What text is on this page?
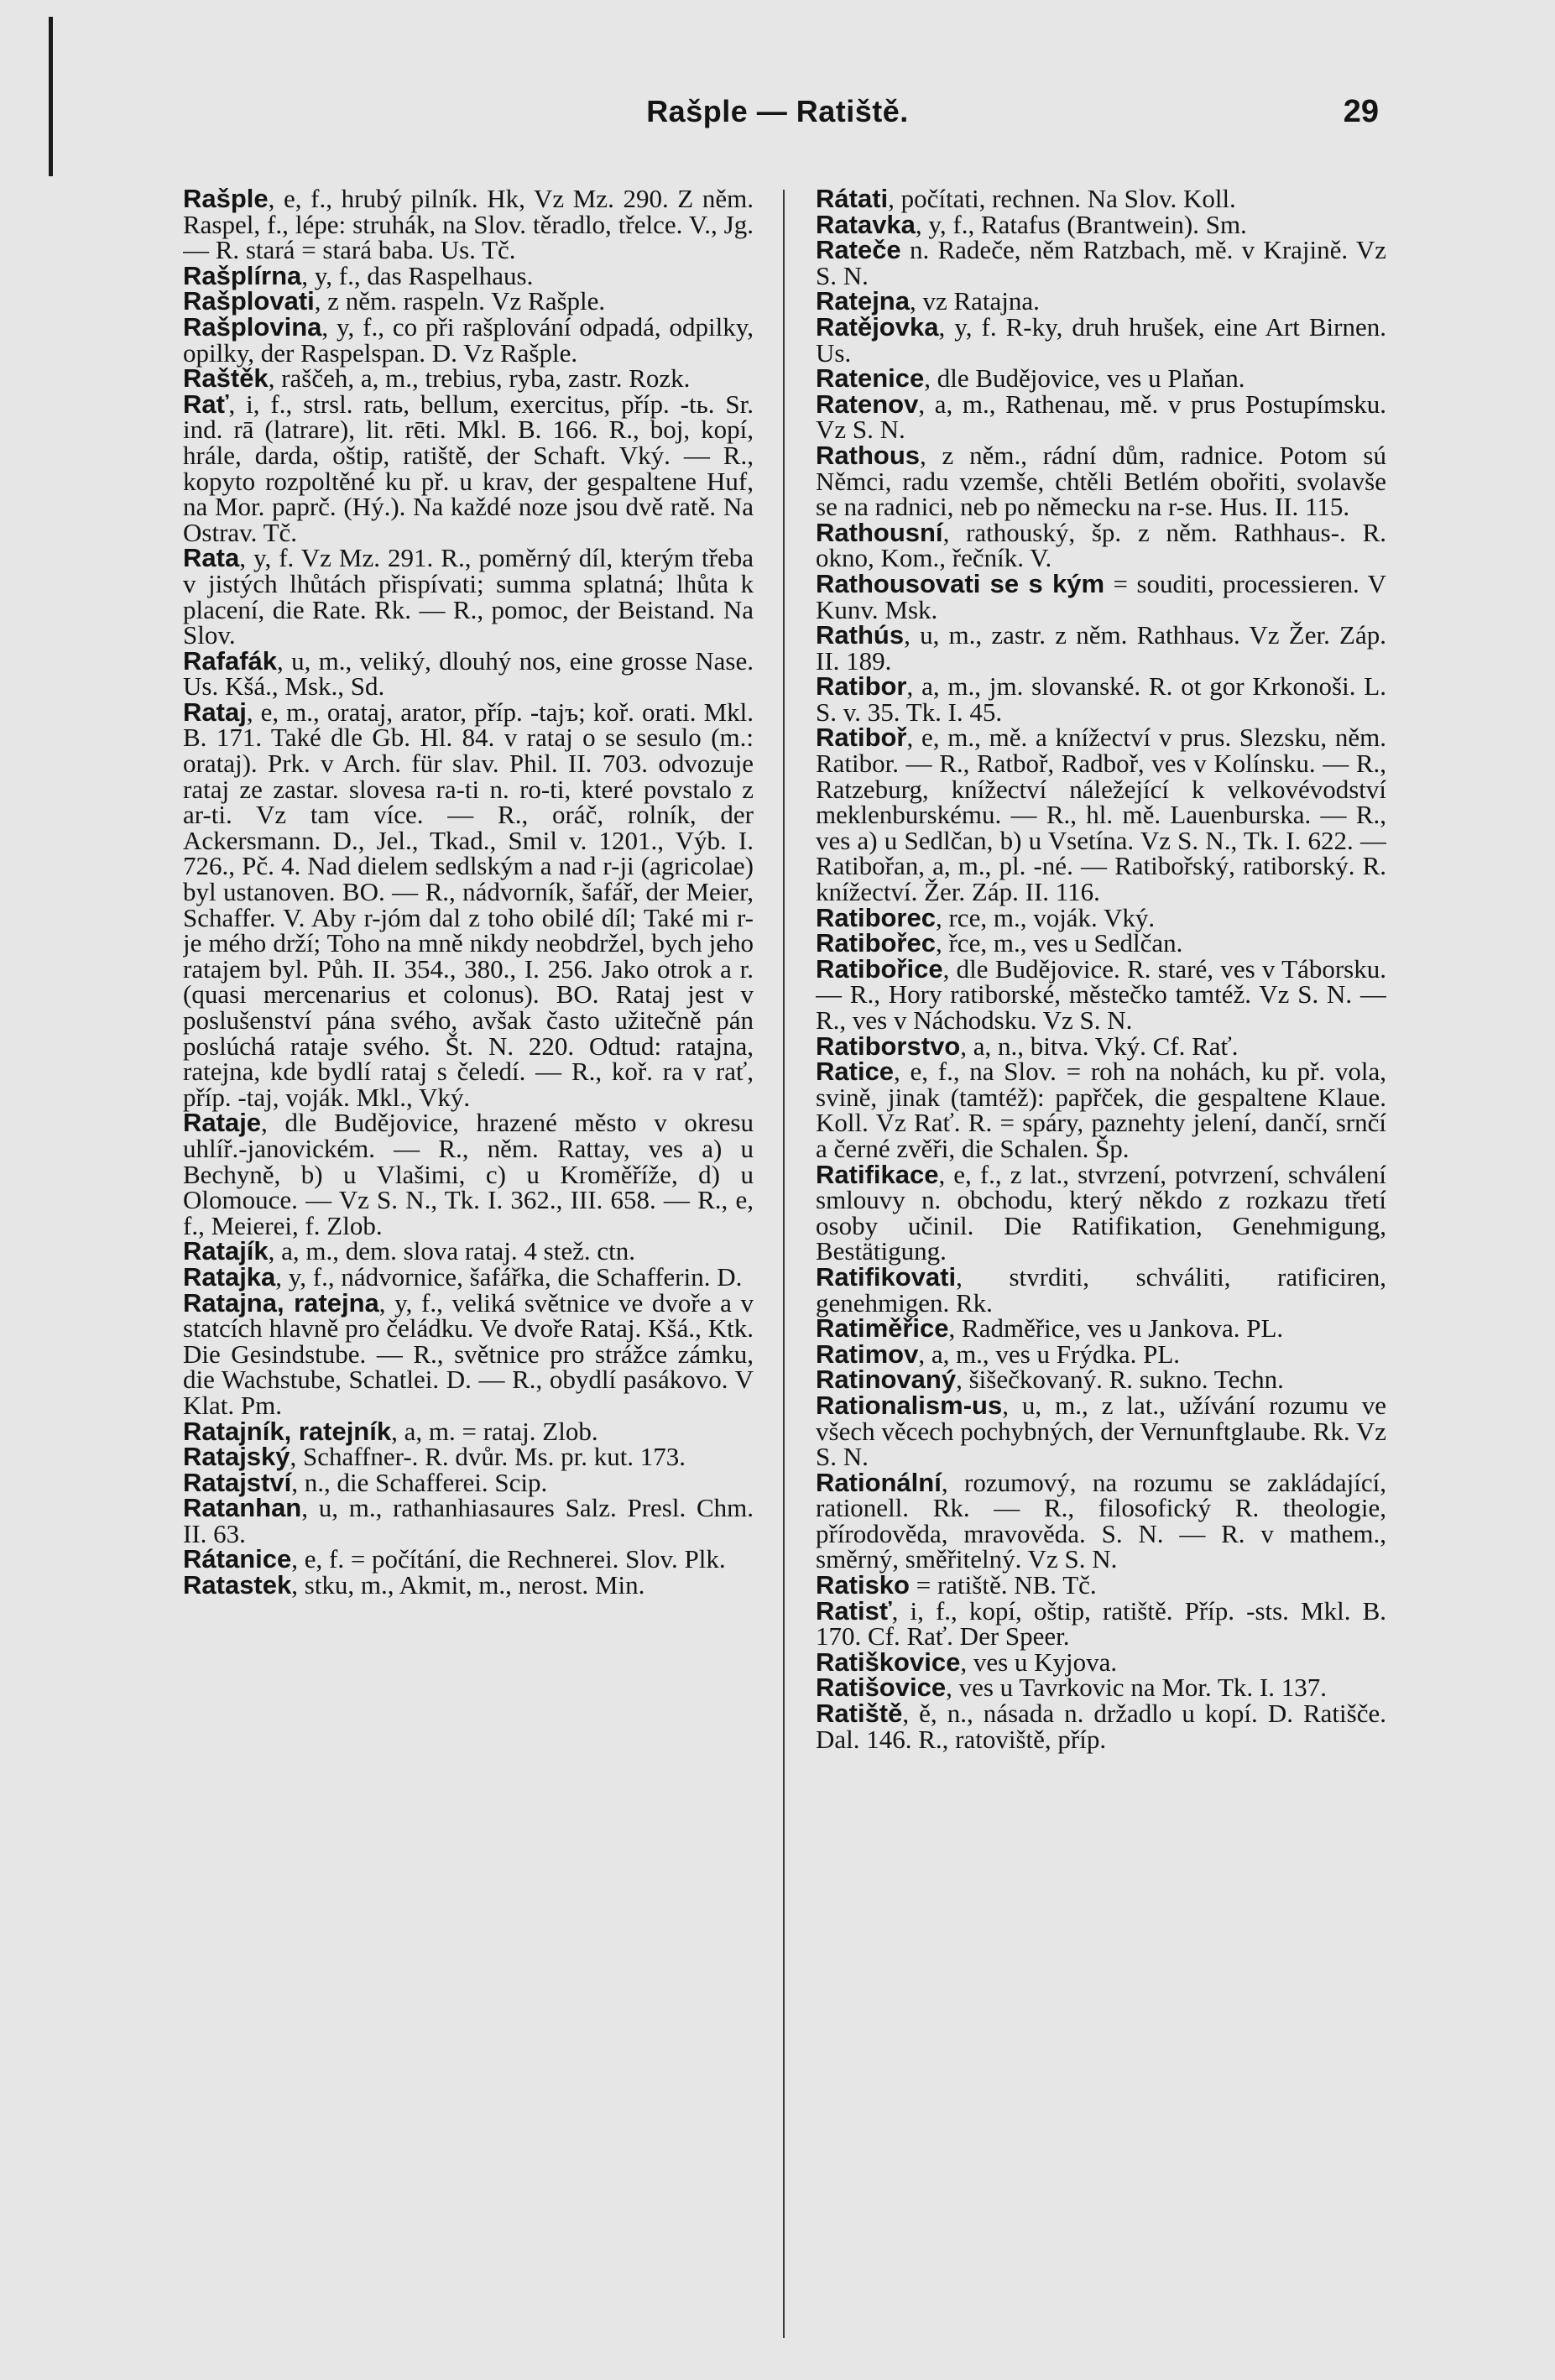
Rašple — Ratiště.	29

Rašple, e, f., hrubý pilník. Hk, Vz Mz. 290. Z něm. Raspel, f., lépe: struhák, na Slov. těradlo, třelce. V., Jg. — R. stará = stará baba. Us. Tč.

Rašplírna, y, f., das Raspelhaus.

Rašplovati, z něm. raspeln. Vz Rašple.

Rašplovina, y, f., co při rašplování odpadá, odpilky, opilky, der Raspelspan. D. Vz Rašple.

Raštěk, raščeh, a, m., trebius, ryba, zastr. Rozk.

Rať, i, f., strsl. ratь, bellum, exercitus, příp. -tь. Sr. ind. rā (latrare), lit. rēti. Mkl. B. 166. R., boj, kopí, hrále, darda, oštip, ratiště, der Schaft. Vký. — R., kopyto rozpoltěné ku př. u krav, der gespaltene Huf, na Mor. paprč. (Hý.). Na každé noze jsou dvě ratě. Na Ostrav. Tč.

Rata, y, f. Vz Mz. 291. R., poměrný díl, kterým třeba v jistých lhůtách přispívati; summa splatná; lhůta k placení, die Rate. Rk. — R., pomoc, der Beistand. Na Slov.

Rafafák, u, m., veliký, dlouhý nos, eine grosse Nase. Us. Kšá., Msk., Sd.

Rataj, e, m., oratај, arator, příp. -tajъ; koř. orati. Mkl. B. 171. Také dle Gb. Hl. 84. v rataj o se sesulo (m.: oratај). Prk. v Arch. für slav. Phil. II. 703. odvozuje rataj ze zastar. slovesa ra-ti n. ro-ti, které povstalo z ar-ti. Vz tam více. — R., oráč, rolník, der Ackersmann. D., Jel., Tkad., Smil v. 1201., Výb. I. 726., Pč. 4. Nad dielem sedlským a nad r-ji (agricolae) byl ustanoven. BO. — R., nádvorník, šafář, der Meier, Schaffer. V. Aby r-jóm dal z toho obilé díl; Také mi r-je mého drží; Toho na mně nikdy neobdržel, bych jeho ratajem byl. Půh. II. 354., 380., I. 256. Jako otrok a r. (quasi mercenarius et colonus). BO. Rataj jest v poslušenství pána svého, avšak často užitečně pán poslúchá rataje svého. Št. N. 220. Odtud: ratajna, ratejna, kde bydlí rataj s čeledí. — R., koř. ra v rať, příp. -taj, voják. Mkl., Vký.

Rataje, dle Budějovice, hrazené město v okresu uhlíř.-janovickém. — R., něm. Rattay, ves a) u Bechyně, b) u Vlašimi, c) u Kroměříže, d) u Olomouce. — Vz S. N., Tk. I. 362., III. 658. — R., e, f., Meierei, f. Zlob.

Ratajík, a, m., dem. slova rataj. 4 stež. ctn.

Ratajka, y, f., nádvornice, šafářka, die Schafferin. D.

Ratajna, ratejna, y, f., veliká světnice ve dvoře a v statcích hlavně pro čeládku. Ve dvoře Rataj. Kšá., Ktk. Die Gesindstube. — R., světnice pro strážce zámku, die Wachstube, Schatlei. D. — R., obydlí pasákovo. V Klat. Pm.

Ratajník, ratejník, a, m. = rataj. Zlob.

Ratajský, Schaffner-. R. dvůr. Ms. pr. kut. 173.

Ratajství, n., die Schafferei. Scip.

Ratanhan, u, m., rathanhiasaures Salz. Presl. Chm. II. 63.

Rátanice, e, f. = počítání, die Rechnerei. Slov. Plk.

Ratastek, stku, m., Akmit, m., nerost. Min.

Rátati, počítati, rechnen. Na Slov. Koll.

Ratavka, y, f., Ratafus (Brantwein). Sm.

Rateče n. Radeče, něm Ratzbach, mě. v Krajině. Vz S. N.

Ratejna, vz Ratajna.

Ratějovka, y, f. R-ky, druh hrušek, eine Art Birnen. Us.

Ratenice, dle Budějovice, ves u Plaňan.

Ratenov, a, m., Rathenau, mě. v prus Postupímsku. Vz S. N.

Rathous, z něm., rádní dům, radnice. Potom sú Němci, radu vzemše, chtěli Betlém obořiti, svolavše se na radnici, neb po německu na r-se. Hus. II. 115.

Rathousní, rathouský, šp. z něm. Rathhaus-. R. okno, Kom., řečník. V.

Rathousovati se s kým = souditi, processieren. V Kunv. Msk.

Rathús, u, m., zastr. z něm. Rathhaus. Vz Žer. Záp. II. 189.

Ratibor, a, m., jm. slovanské. R. ot gor Krkonoši. L. S. v. 35. Tk. I. 45.

Ratiboř, e, m., mě. a knížectví v prus. Slezsku, něm. Ratibor. — R., Ratboř, Radboř, ves v Kolínsku. — R., Ratzeburg, knížectví náležející k velkovévodství meklenburskému. — R., hl. mě. Lauenburska. — R., ves a) u Sedlčan, b) u Vsetína. Vz S. N., Tk. I. 622. — Ratibořan, a, m., pl. -né. — Ratibořský, ratiborský. R. knížectví. Žer. Záp. II. 116.

Ratiborec, rce, m., voják. Vký.

Ratibořec, řce, m., ves u Sedlčan.

Ratibořice, dle Budějovice. R. staré, ves v Táborsku. — R., Hory ratiborské, městečko tamtéž. Vz S. N. — R., ves v Náchodsku. Vz S. N.

Ratiborstvo, a, n., bitva. Vký. Cf. Rať.

Ratice, e, f., na Slov. = roh na nohách, ku př. vola, svině, jinak (tamtéž): papřček, die gespaltene Klaue. Koll. Vz Rať. R. = spáry, paznehty jelení, dančí, srnčí a černé zvěři, die Schalen. Šp.

Ratifikace, e, f., z lat., stvrzení, potvrzení, schválení smlouvy n. obchodu, který někdo z rozkazu třetí osoby učinil. Die Ratifikation, Genehmigung, Bestätigung.

Ratifikovati, stvrditi, schváliti, ratificiren, genehmigen. Rk.

Ratiměřice, Radměřice, ves u Jankova. PL.

Ratimov, a, m., ves u Frýdka. PL.

Ratinovaný, šišečkovaný. R. sukno. Techn.

Rationalism-us, u, m., z lat., užívání rozumu ve všech věcech pochybných, der Vernunftglaube. Rk. Vz S. N.

Rationální, rozumový, na rozumu se zakládající, rationell. Rk. — R., filosofický R. theologie, přírodověda, mravověda. S. N. — R. v mathem., směrný, směřitelný. Vz S. N.

Ratisko = ratiště. NB. Tč.

Ratisť, i, f., kopí, oštip, ratiště. Příp. -sts. Mkl. B. 170. Cf. Rať. Der Speer.

Ratiškovice, ves u Kyjova.

Ratišovice, ves u Tavrkovic na Mor. Tk. I. 137.

Ratiště, ě, n., násada n. držadlo u kopí. D. Ratišče. Dal. 146. R., ratoviště, příp.
